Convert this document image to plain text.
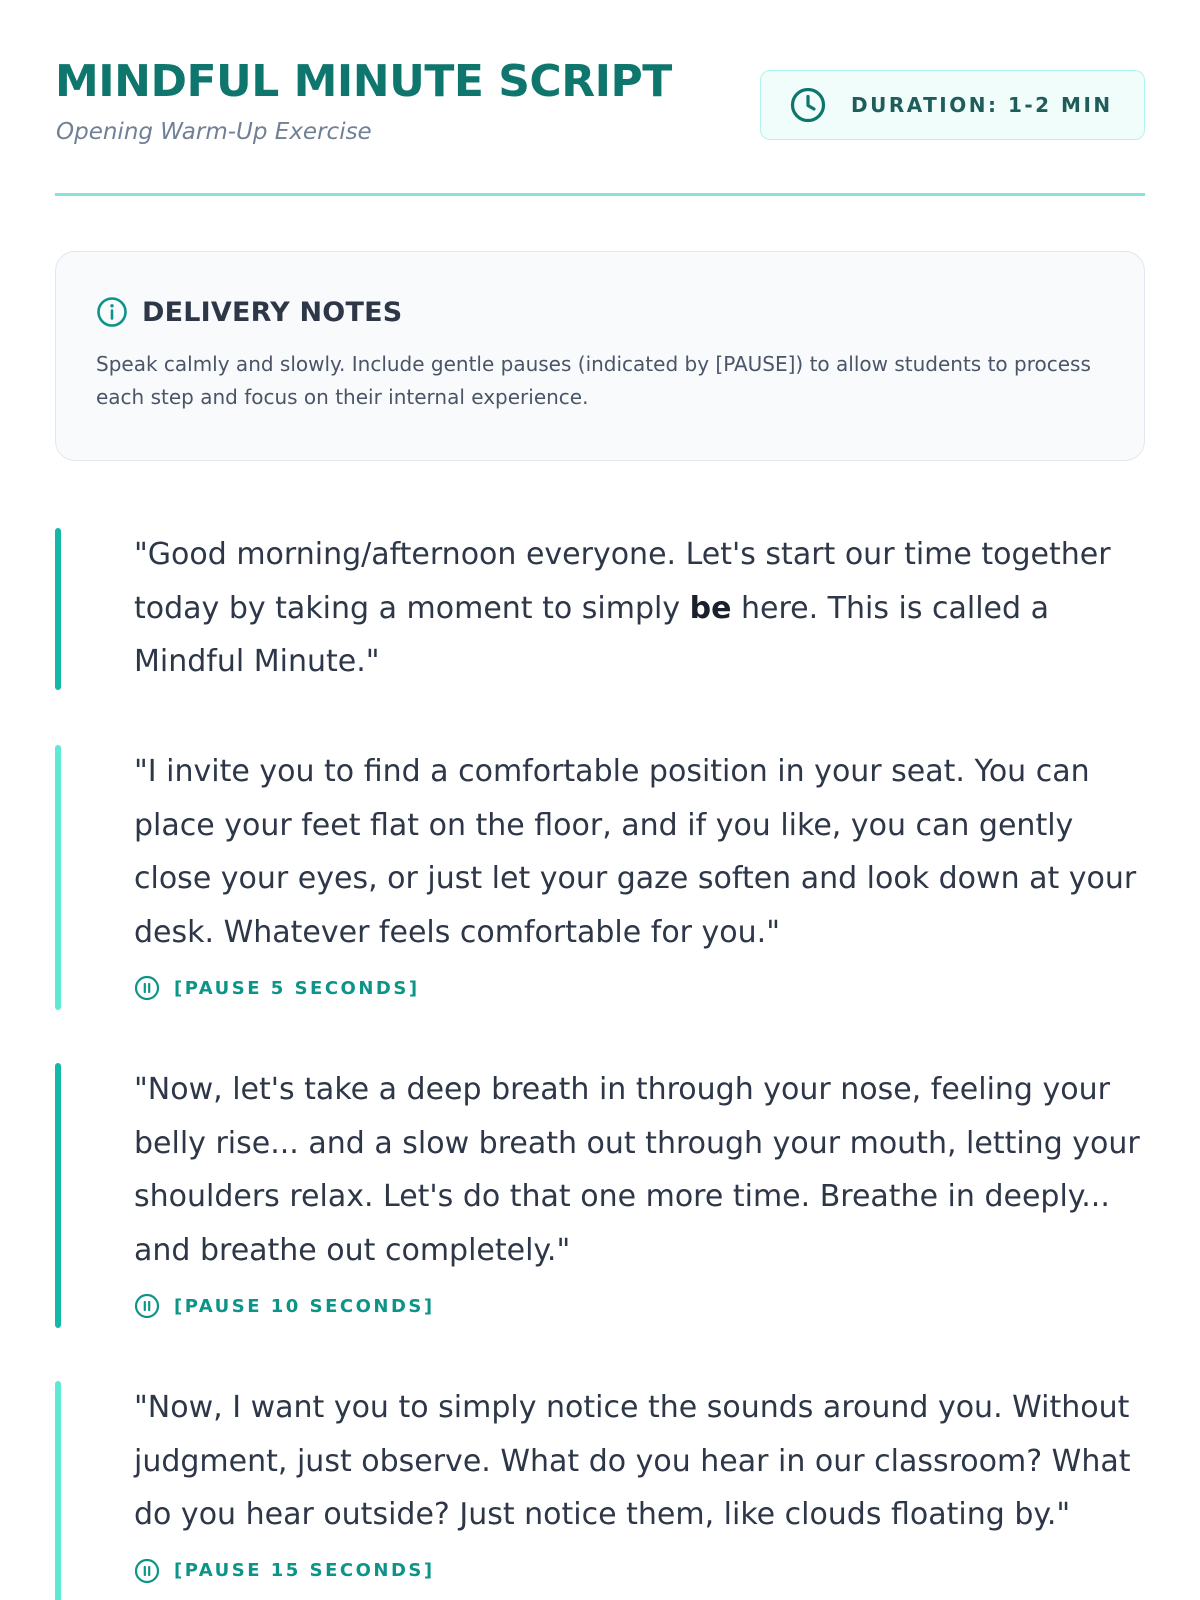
MINDFUL MINUTE SCRIPT
Opening Warm-Up Exercise
DURATION: 1-2 MIN
DELIVERY NOTES

Speak calmly and slowly. Include gentle pauses (indicated by [PAUSE]) to allow students to process each step and focus on their internal experience.

"Good morning/afternoon everyone. Let's start our time together today by taking a moment to simply be here. This is called a Mindful Minute."

"I invite you to find a comfortable position in your seat. You can place your feet flat on the floor, and if you like, you can gently close your eyes, or just let your gaze soften and look down at your desk. Whatever feels comfortable for you."

[PAUSE 5 SECONDS]

"Now, let's take a deep breath in through your nose, feeling your belly rise... and a slow breath out through your mouth, letting your shoulders relax. Let's do that one more time. Breathe in deeply... and breathe out completely."

[PAUSE 10 SECONDS]

"Now, I want you to simply notice the sounds around you. Without judgment, just observe. What do you hear in our classroom? What do you hear outside? Just notice them, like clouds floating by."

[PAUSE 15 SECONDS]
